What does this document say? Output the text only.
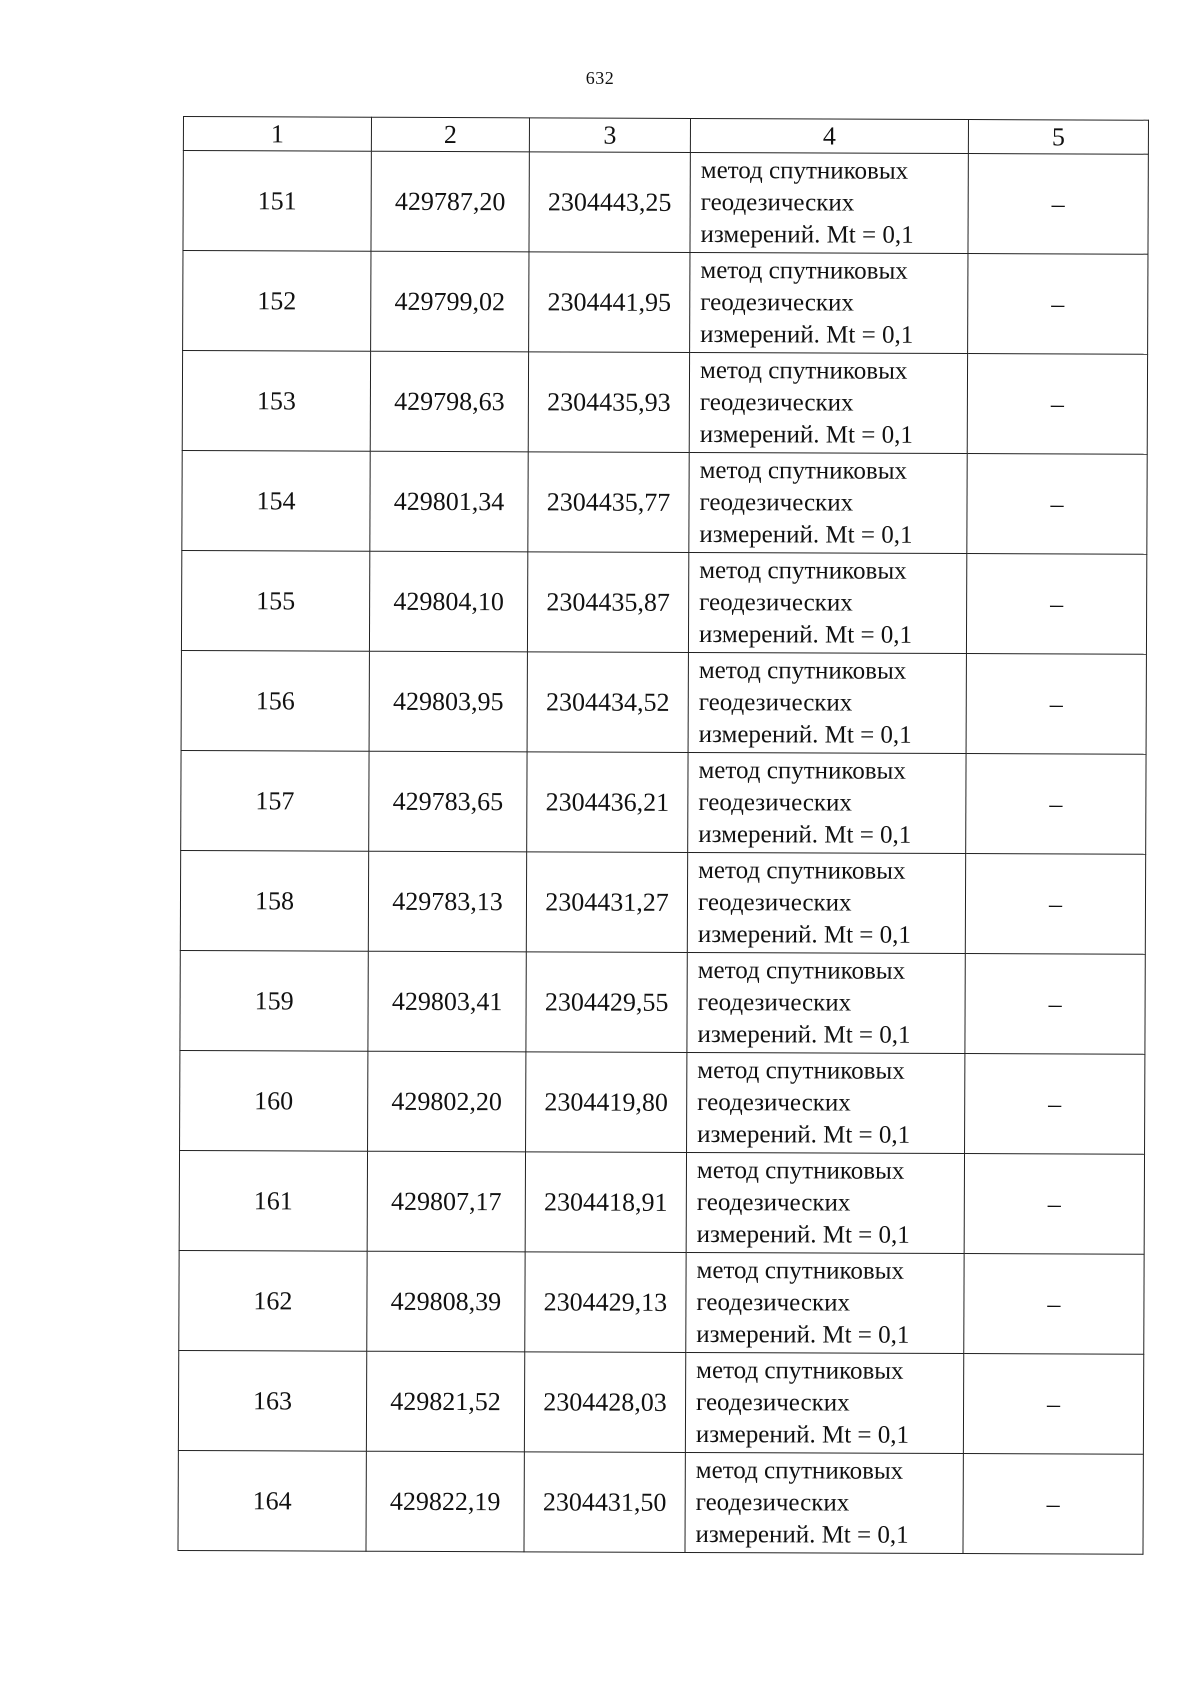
632
1	2	3	4	5
151	429787,20	2304443,25	метод спутниковых
геодезических
измерений. Mt = 0,1	–
152	429799,02	2304441,95	метод спутниковых
геодезических
измерений. Mt = 0,1	–
153	429798,63	2304435,93	метод спутниковых
геодезических
измерений. Mt = 0,1	–
154	429801,34	2304435,77	метод спутниковых
геодезических
измерений. Mt = 0,1	–
155	429804,10	2304435,87	метод спутниковых
геодезических
измерений. Mt = 0,1	–
156	429803,95	2304434,52	метод спутниковых
геодезических
измерений. Mt = 0,1	–
157	429783,65	2304436,21	метод спутниковых
геодезических
измерений. Mt = 0,1	–
158	429783,13	2304431,27	метод спутниковых
геодезических
измерений. Mt = 0,1	–
159	429803,41	2304429,55	метод спутниковых
геодезических
измерений. Mt = 0,1	–
160	429802,20	2304419,80	метод спутниковых
геодезических
измерений. Mt = 0,1	–
161	429807,17	2304418,91	метод спутниковых
геодезических
измерений. Mt = 0,1	–
162	429808,39	2304429,13	метод спутниковых
геодезических
измерений. Mt = 0,1	–
163	429821,52	2304428,03	метод спутниковых
геодезических
измерений. Mt = 0,1	–
164	429822,19	2304431,50	метод спутниковых
геодезических
измерений. Mt = 0,1	–
